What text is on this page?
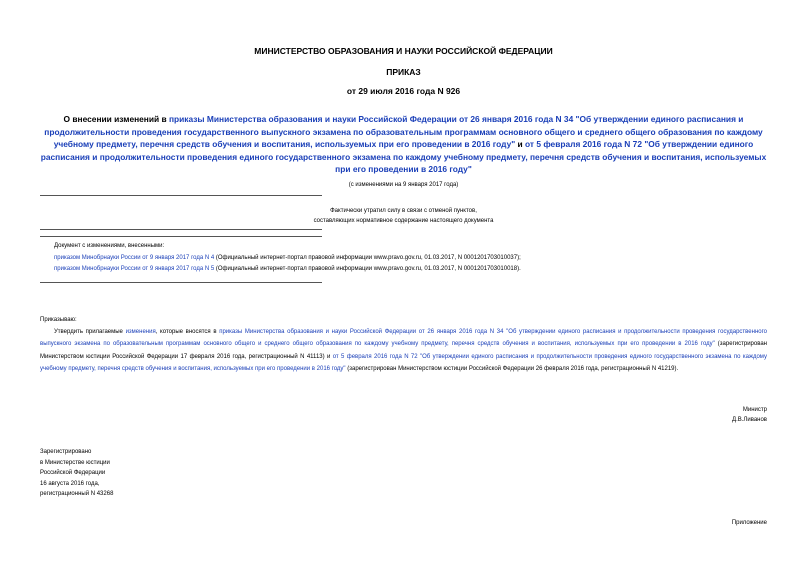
МИНИСТЕРСТВО ОБРАЗОВАНИЯ И НАУКИ РОССИЙСКОЙ ФЕДЕРАЦИИ
ПРИКАЗ
от 29 июля 2016 года N 926
О внесении изменений в приказы Министерства образования и науки Российской Федерации от 26 января 2016 года N 34 "Об утверждении единого расписания и продолжительности проведения государственного выпускного экзамена по образовательным программам основного общего и среднего общего образования по каждому учебному предмету, перечня средств обучения и воспитания, используемых при его проведении в 2016 году" и от 5 февраля 2016 года N 72 "Об утверждении единого расписания и продолжительности проведения единого государственного экзамена по каждому учебному предмету, перечня средств обучения и воспитания, используемых при его проведении в 2016 году"
(с изменениями на 9 января 2017 года)
Фактически утратил силу в связи с отменой пунктов,
составляющих нормативное содержание настоящего документа
Документ с изменениями, внесенными:
приказом Минобрнауки России от 9 января 2017 года N 4 (Официальный интернет-портал правовой информации www.pravo.gov.ru, 01.03.2017, N 0001201703010037);
приказом Минобрнауки России от 9 января 2017 года N 5 (Официальный интернет-портал правовой информации www.pravo.gov.ru, 01.03.2017, N 0001201703010018).
Приказываю:
Утвердить прилагаемые изменения, которые вносятся в приказы Министерства образования и науки Российской Федерации от 26 января 2016 года N 34 "Об утверждении единого расписания и продолжительности проведения государственного выпускного экзамена по образовательным программам основного общего и среднего общего образования по каждому учебному предмету, перечня средств обучения и воспитания, используемых при его проведении в 2016 году" (зарегистрирован Министерством юстиции Российской Федерации 17 февраля 2016 года, регистрационный N 41113) и от 5 февраля 2016 года N 72 "Об утверждении единого расписания и продолжительности проведения единого государственного экзамена по каждому учебному предмету, перечня средств обучения и воспитания, используемых при его проведении в 2016 году" (зарегистрирован Министерством юстиции Российской Федерации 26 февраля 2016 года, регистрационный N 41219).
Министр
Д.В.Ливанов
Зарегистрировано
в Министерстве юстиции
Российской Федерации
16 августа 2016 года,
регистрационный N 43268
Приложение
